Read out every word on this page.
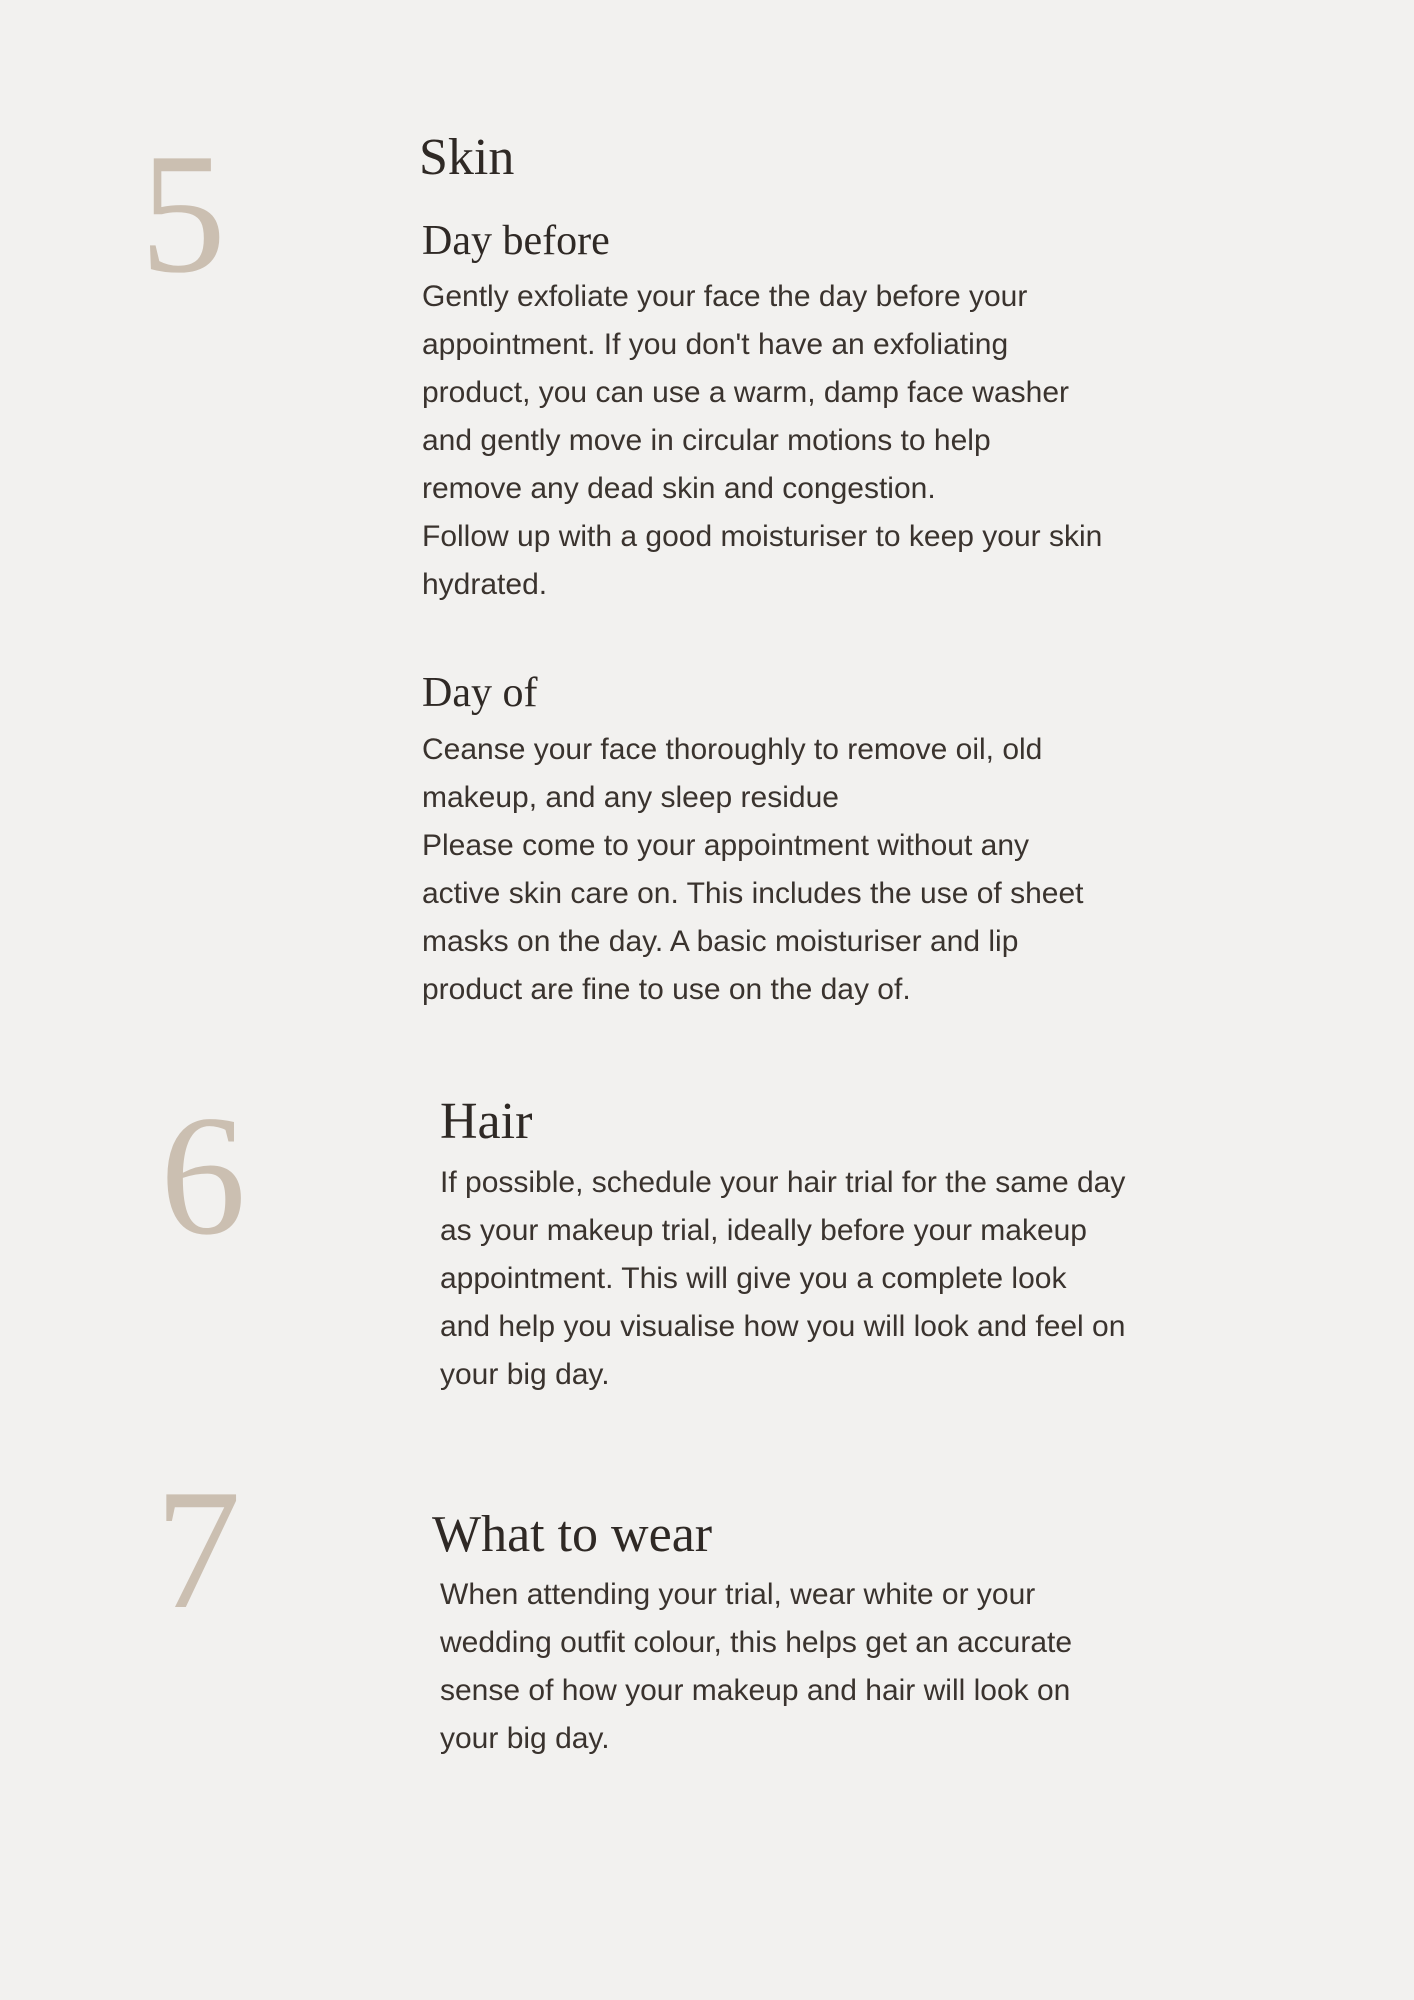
5	Skin
Day before
Gently exfoliate your face the day before your
appointment. If you don't have an exfoliating
product, you can use a warm, damp face washer
and gently move in circular motions to help
remove any dead skin and congestion.
Follow up with a good moisturiser to keep your skin
hydrated.
Day of
Ceanse your face thoroughly to remove oil, old
makeup, and any sleep residue
Please come to your appointment without any
active skin care on. This includes the use of sheet
masks on the day. A basic moisturiser and lip
product are fine to use on the day of.
6	Hair
If possible, schedule your hair trial for the same day
as your makeup trial, ideally before your makeup
appointment. This will give you a complete look
and help you visualise how you will look and feel on
your big day.
7	What to wear
When attending your trial, wear white or your
wedding outfit colour, this helps get an accurate
sense of how your makeup and hair will look on
your big day.
